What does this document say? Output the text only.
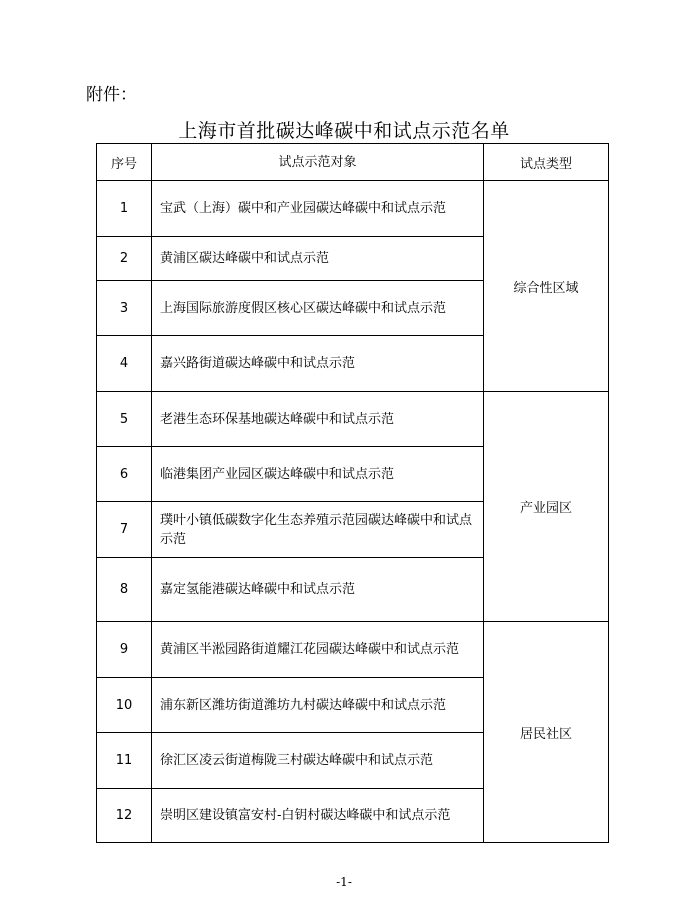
附件：
上海市首批碳达峰碳中和试点示范名单
序号	试点示范对象	试点类型
1	宝武（上海）碳中和产业园碳达峰碳中和试点示范	综合性区域
2	黄浦区碳达峰碳中和试点示范	
3	上海国际旅游度假区核心区碳达峰碳中和试点示范	
4	嘉兴路街道碳达峰碳中和试点示范	
5	老港生态环保基地碳达峰碳中和试点示范	产业园区
6	临港集团产业园区碳达峰碳中和试点示范	
7	璞叶小镇低碳数字化生态养殖示范园碳达峰碳中和试点示范	
8	嘉定氢能港碳达峰碳中和试点示范	
9	黄浦区半淞园路街道耀江花园碳达峰碳中和试点示范	居民社区
10	浦东新区潍坊街道潍坊九村碳达峰碳中和试点示范	
11	徐汇区凌云街道梅陇三村碳达峰碳中和试点示范	
12	崇明区建设镇富安村-白钥村碳达峰碳中和试点示范	
-1-
